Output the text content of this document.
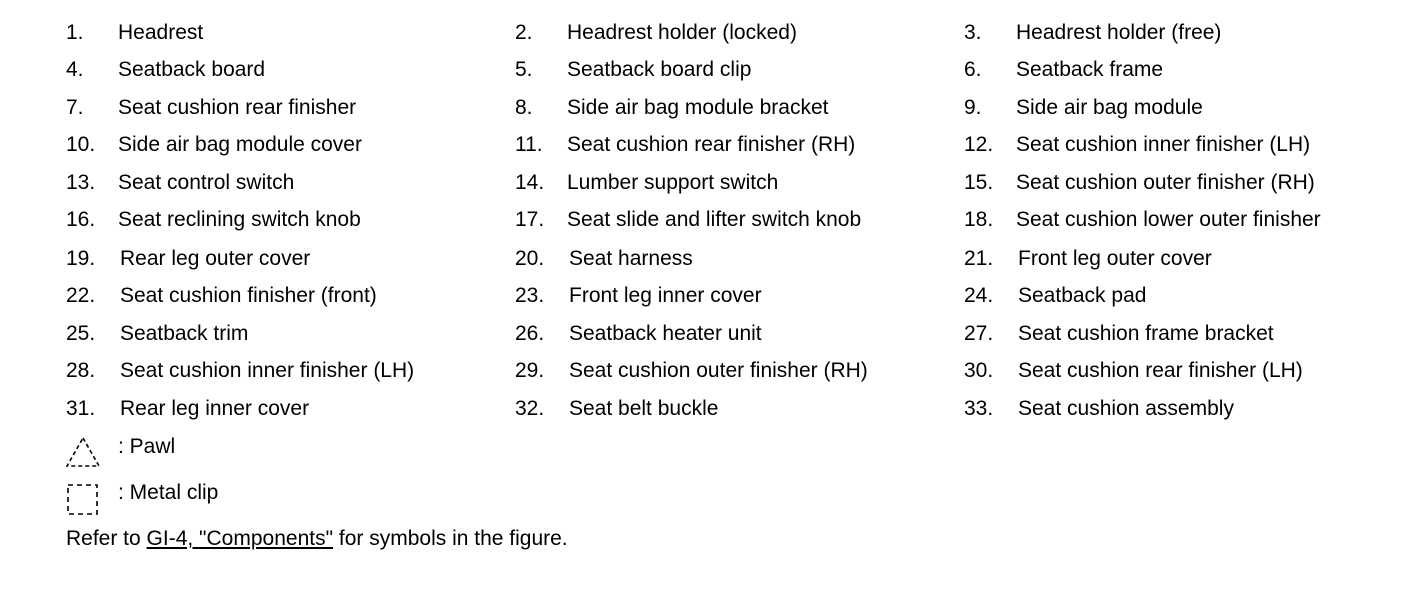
1. Headrest	2. Headrest holder (locked)	3. Headrest holder (free)
4. Seatback board	5. Seatback board clip	6. Seatback frame
7. Seat cushion rear finisher	8. Side air bag module bracket	9. Side air bag module
10. Side air bag module cover	11. Seat cushion rear finisher (RH)	12. Seat cushion inner finisher (LH)
13. Seat control switch	14. Lumber support switch	15. Seat cushion outer finisher (RH)
16. Seat reclining switch knob	17. Seat slide and lifter switch knob	18. Seat cushion lower outer finisher
19. Rear leg outer cover	20. Seat harness	21. Front leg outer cover
22. Seat cushion finisher (front)	23. Front leg inner cover	24. Seatback pad
25. Seatback trim	26. Seatback heater unit	27. Seat cushion frame bracket
28. Seat cushion inner finisher (LH)	29. Seat cushion outer finisher (RH)	30. Seat cushion rear finisher (LH)
31. Rear leg inner cover	32. Seat belt buckle	33. Seat cushion assembly
: Pawl
: Metal clip
Refer to GI-4, "Components" for symbols in the figure.
